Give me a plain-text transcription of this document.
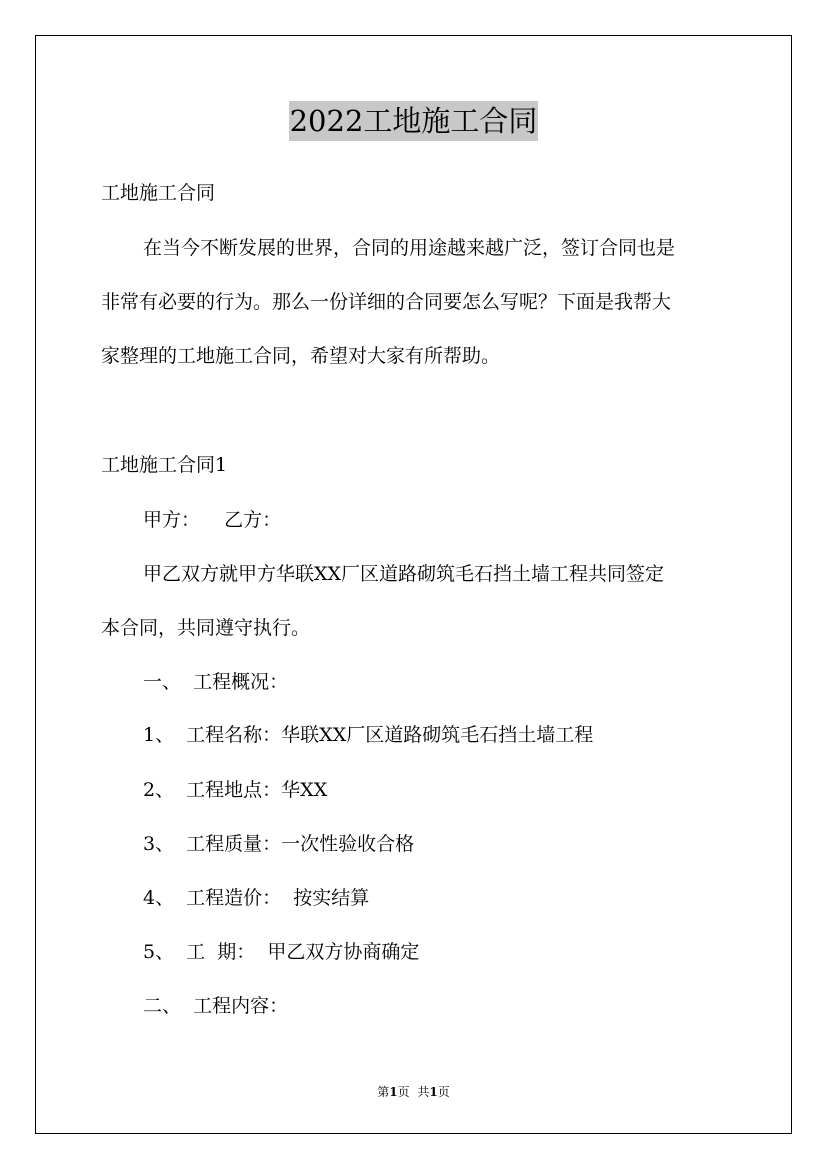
2022工地施工合同
工地施工合同
在当今不断发展的世界，合同的用途越来越广泛，签订合同也是
非常有必要的行为。那么一份详细的合同要怎么写呢？下面是我帮大
家整理的工地施工合同，希望对大家有所帮助。
工地施工合同1
甲方：    乙方：
甲乙双方就甲方华联XX厂区道路砌筑毛石挡土墙工程共同签定
本合同，共同遵守执行。
一、  工程概况：
1、  工程名称：华联XX厂区道路砌筑毛石挡土墙工程
2、  工程地点：华XX
3、  工程质量：一次性验收合格
4、  工程造价：  按实结算
5、  工  期：  甲乙双方协商确定
二、  工程内容：
第1页 共1页
